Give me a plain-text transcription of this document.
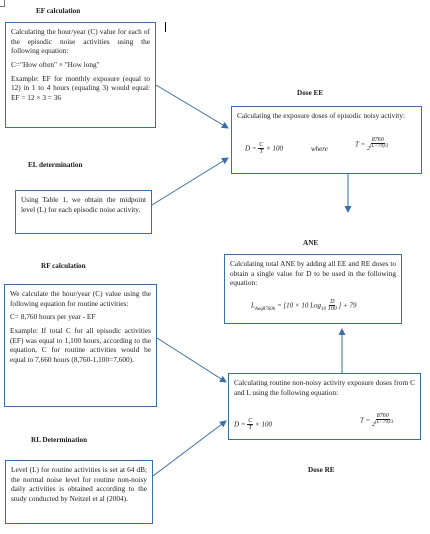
EF calculation
Dose EE
EL determination
ANE
RF calculation
RL Determination
Dose RE

Calculating the hour/year (C) value for each of the episodic noise activities using the following equation:

C="How often" × "How long"

Example: EF for monthly exposure (equal to 12) in 1 to 4 hours (equaling 3) would equal: EF = 12 × 3 = 36

Using Table 1, we obtain the midpoint level (L) for each episodic noise activity.

Calculating the exposure doses of episodic noisy activity:

$D = \frac{C}{T} \times 100$	where
$T = \frac{8760}{2^{(L-79)/3}}$

Calculating total ANE by adding all EE and RE doses to obtain a single value for D to be used in the following equation:

$L_{Aeq8760h} = [10 \times 10$ $Log_{10} \frac{D}{100}$ ] + 79

We calculate the hour/year (C) value using the following equation for routine activities:

C= 8,760 hours per year - EF

Example: If total C for all episodic activities (EF) was equal to 1,100 hours, according to the equation, C for routine activities would be equal to 7,660 hours (8,760-1,100=7,600).

Calculating routine non-noisy activity exposure doses from C and L using the following equation:

$D = \frac{C}{T} \times 100$	$T = \frac{8760}{2^{(L-79)/3}}$

Level (L) for routine activities is set at 64 dB; the normal noise level for routine non-noisy daily activities is obtained according to the study conducted by Neitzel et al (2004).
